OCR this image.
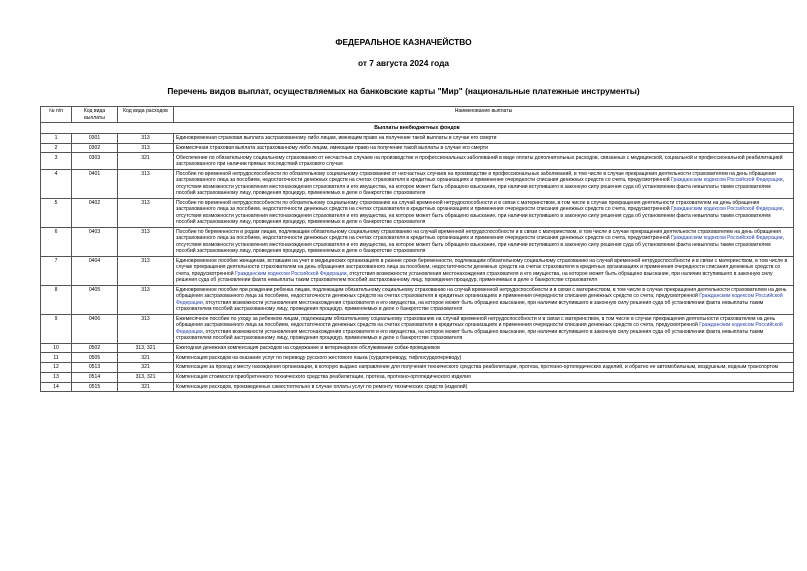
ФЕДЕРАЛЬНОЕ КАЗНАЧЕЙСТВО
от 7 августа 2024 года
Перечень видов выплат, осуществляемых на банковские карты "Мир" (национальные платежные инструменты)
№ п/п	Код вида выплаты	Код вида расходов	Наименование выплаты
Выплаты внебюджетных фондов			
1	0301	313	Единовременная страховая выплата застрахованному либо лицам, имеющим право на получение такой выплаты в случае его смерти
2	0302	313	Ежемесячная страховая выплата застрахованному либо лицам, имеющим право на получение такой выплаты в случае его смерти
3	0303	321	Обеспечение по обязательному социальному страхованию от несчастных случаев на производстве и профессиональных заболеваний в виде оплаты дополнительных расходов, связанных с медицинской, социальной и профессиональной реабилитацией застрахованного при наличии прямых последствий страхового случая
4	0401	313	Пособие по временной нетрудоспособности по обязательному социальному страхованию от несчастных случаев на производстве и профессиональных заболеваний, в том числе в случае прекращения деятельности страхователем на день обращения застрахованного лица за пособием, недостаточности денежных средств на счетах страхователя в кредитных организациях и применения очередности списания денежных средств со счета, предусмотренной Гражданским кодексом Российской Федерации, отсутствия возможности установления местонахождения страхователя и его имущества, на которое может быть обращено взыскание, при наличии вступившего в законную силу решения суда об установлении факта невыплаты таким страхователем пособий застрахованному лицу, проведения процедур, применяемых в деле о банкротстве страхователя
5	0402	313	Пособие по временной нетрудоспособности по обязательному социальному страхованию на случай временной нетрудоспособности и в связи с материнством, в том числе в случае прекращения деятельности страхователем на день обращения застрахованного лица за пособием, недостаточности денежных средств на счетах страхователя в кредитных организациях и применения очередности списания денежных средств со счета, предусмотренной Гражданским кодексом Российской Федерации, отсутствия возможности установления местонахождения страхователя и его имущества, на которое может быть обращено взыскание, при наличии вступившего в законную силу решения суда об установлении факта невыплаты таким страхователем пособий застрахованному лицу, проведения процедур, применяемых в деле о банкротстве страхователя
6	0403	313	Пособие по беременности и родам лицам, подлежащим обязательному социальному страхованию на случай временной нетрудоспособности и в связи с материнством, в том числе в случае прекращения деятельности страхователем на день обращения застрахованного лица за пособием, недостаточности денежных средств на счетах страхователя в кредитных организациях и применения очередности списания денежных средств со счета, предусмотренной Гражданским кодексом Российской Федерации, отсутствия возможности установления местонахождения страхователя и его имущества, на которое может быть обращено взыскание, при наличии вступившего в законную силу решения суда об установлении факта невыплаты таким страхователем пособий застрахованному лицу, проведения процедур, применяемых в деле о банкротстве страхователя
7	0404	313	Единовременное пособие женщинам, вставшим на учет в медицинских организациях в ранние сроки беременности, подлежащим обязательному социальному страхованию на случай временной нетрудоспособности и в связи с материнством, в том числе в случае прекращения деятельности страхователем на день обращения застрахованного лица за пособием, недостаточности денежных средств на счетах страхователя в кредитных организациях и применения очередности списания денежных средств со счета, предусмотренной Гражданским кодексом Российской Федерации, отсутствия возможности установления местонахождения страхователя и его имущества, на которое может быть обращено взыскание, при наличии вступившего в законную силу решения суда об установлении факта невыплаты таким страхователем пособий застрахованному лицу, проведения процедур, применяемых в деле о банкротстве страхователя
8	0405	313	Единовременное пособие при рождении ребенка лицам, подлежащим обязательному социальному страхованию на случай временной нетрудоспособности и в связи с материнством, в том числе в случае прекращения деятельности страхователем на день обращения застрахованного лица за пособием, недостаточности денежных средств на счетах страхователя в кредитных организациях и применения очередности списания денежных средств со счета, предусмотренной Гражданским кодексом Российской Федерации, отсутствия возможности установления местонахождения страхователя и его имущества, на которое может быть обращено взыскание, при наличии вступившего в законную силу решения суда об установлении факта невыплаты таким страхователем пособий застрахованному лицу, проведения процедур, применяемых в деле о банкротстве страхователя
9	0406	313	Ежемесячное пособие по уходу за ребенком лицам, подлежащим обязательному социальному страхованию на случай временной нетрудоспособности и в связи с материнством, в том числе в случае прекращения деятельности страхователем на день обращения застрахованного лица за пособием, недостаточности денежных средств на счетах страхователя в кредитных организациях и применения очередности списания денежных средств со счета, предусмотренной Гражданским кодексом Российской Федерации, отсутствия возможности установления местонахождения страхователя и его имущества, на которое может быть обращено взыскание, при наличии вступившего в законную силу решения суда об установлении факта невыплаты таким страхователем пособий застрахованному лицу, проведения процедур, применяемых в деле о банкротстве страхователя
10	0502	313, 321	Ежегодная денежная компенсация расходов на содержание и ветеринарное обслуживание собак-проводников
11	0505	321	Компенсация расходов на оказание услуг по переводу русского жестового языка (сурдопереводу, тифлосурдопереводу)
12	0513	321	Компенсация за проезд к месту нахождения организации, в которую выдано направление для получения технического средства реабилитации, протеза, протезно-ортопедических изделий, и обратно ее автомобильным, воздушным, водным транспортом
13	0514	313, 321	Компенсация стоимости приобретенного технического средства реабилитации, протеза, протезно-ортопедического изделия
14	0515	321	Компенсация расходов, произведенных самостоятельно в случае оплаты услуг по ремонту технических средств (изделий)
